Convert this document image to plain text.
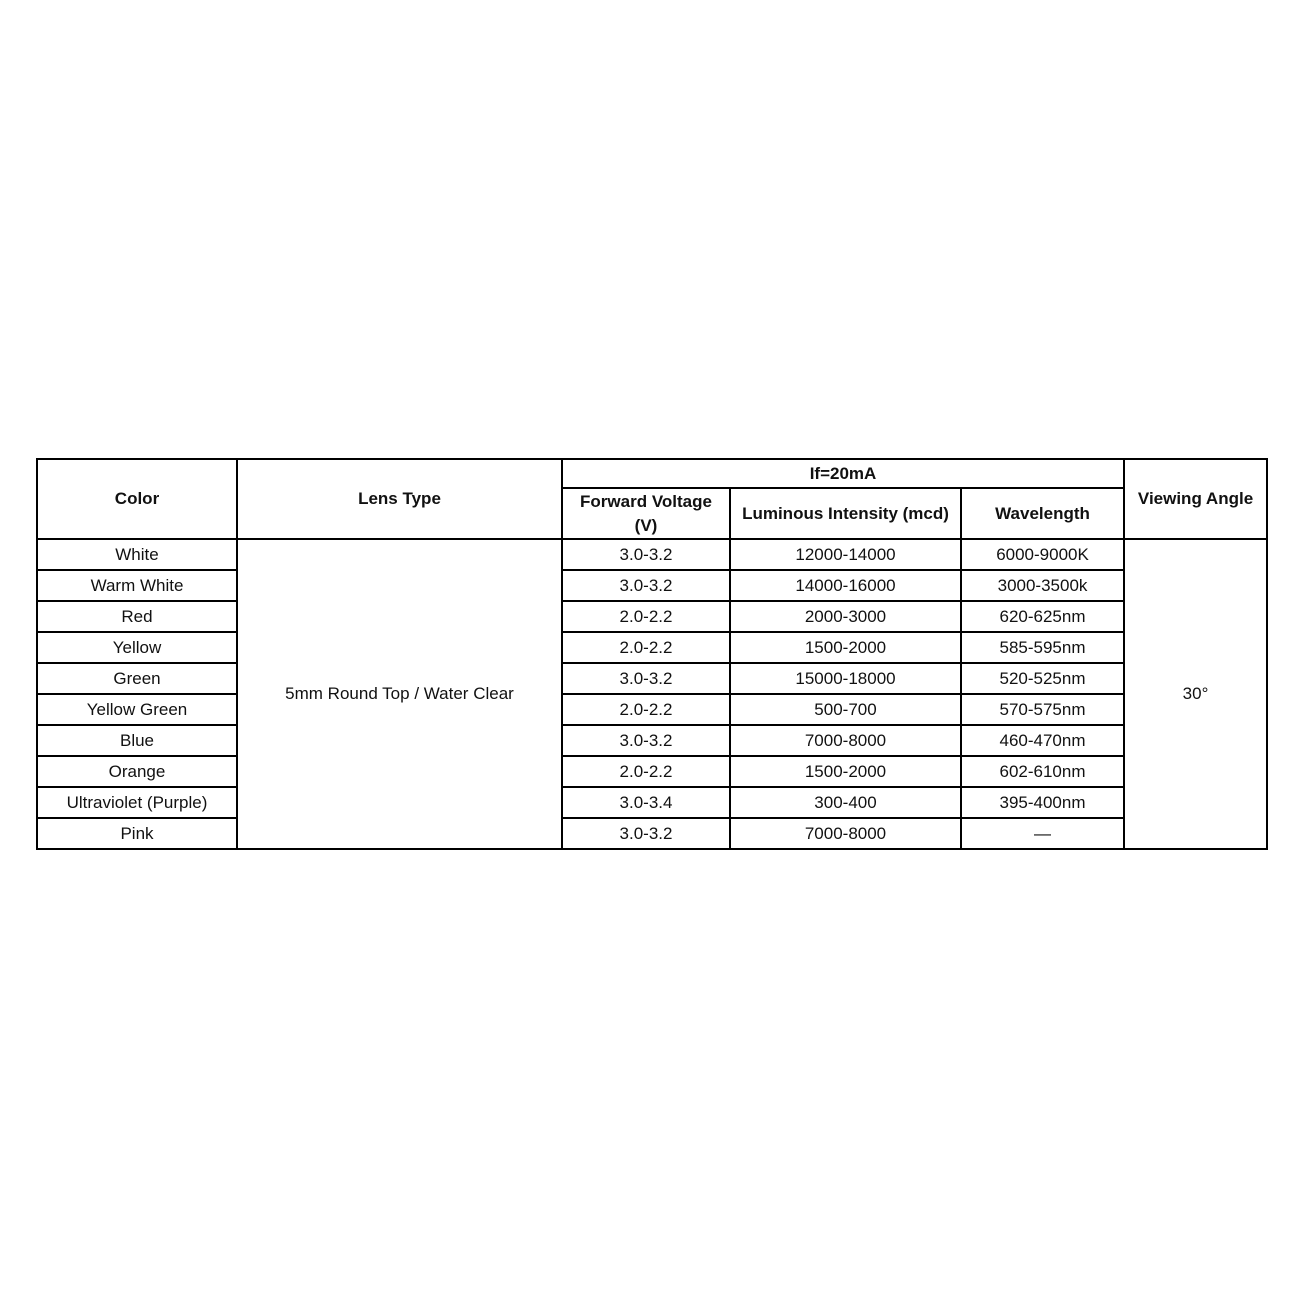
Color	Lens Type	If=20mA			Viewing Angle
		Forward Voltage (V)	Luminous Intensity (mcd)	Wavelength	
White	5mm Round Top / Water Clear	3.0-3.2	12000-14000	6000-9000K	30°
Warm White		3.0-3.2	14000-16000	3000-3500k	
Red		2.0-2.2	2000-3000	620-625nm	
Yellow		2.0-2.2	1500-2000	585-595nm	
Green		3.0-3.2	15000-18000	520-525nm	
Yellow Green		2.0-2.2	500-700	570-575nm	
Blue		3.0-3.2	7000-8000	460-470nm	
Orange		2.0-2.2	1500-2000	602-610nm	
Ultraviolet (Purple)		3.0-3.4	300-400	395-400nm	
Pink		3.0-3.2	7000-8000	—	
